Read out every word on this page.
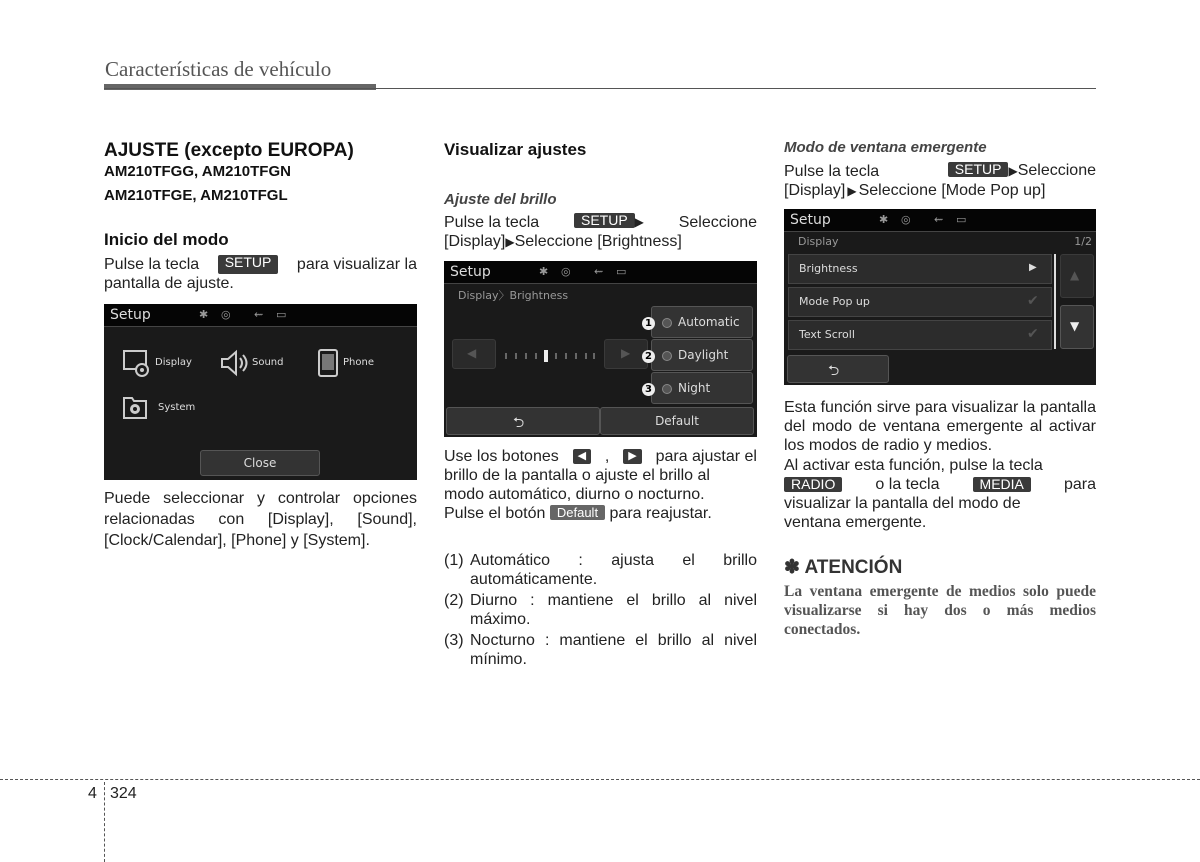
Características de vehículo
AJUSTE (excepto EUROPA)
AM210TFGG, AM210TFGN
AM210TFGE, AM210TFGL
Inicio del modo
Pulse la tecla	SETUP	para visualizar la
pantalla de ajuste.
Setup	✱ ◎ ⇜ ▭
Display	Sound	Phone
System
Close
Puede seleccionar y controlar opciones relacionadas con [Display], [Sound], [Clock/Calendar], [Phone] y [System].
Visualizar ajustes
Ajuste del brillo
Pulse la tecla	SETUP ▶ Seleccione
[Display]▶Seleccione [Brightness]
Setup	✱ ◎ ⇜ ▭
Display〉Brightness
◀	▶
1 Automatic
2 Daylight
3 Night
⮌	Default
Use los botones	◀	,	▶	para ajustar el
brillo de la pantalla o ajuste el brillo al
modo automático, diurno o nocturno.
Pulse el botón Default para reajustar.
(1) Automático : ajusta el brillo automáticamente.
(2) Diurno : mantiene el brillo al nivel máximo.
(3) Nocturno : mantiene el brillo al nivel mínimo.
Modo de ventana emergente
Pulse la tecla	SETUP ▶Seleccione
[Display] ▶ Seleccione [Mode Pop up]
Setup	✱ ◎ ⇜ ▭
Display	1/2
Brightness	▶
Mode Pop up	✔
Text Scroll	✔
▲
▼
⮌
Esta función sirve para visualizar la pantalla del modo de ventana emergente al activar los modos de radio y medios.
Al activar esta función, pulse la tecla
RADIO	o la tecla	MEDIA	para
visualizar la pantalla del modo de
ventana emergente.
✽ ATENCIÓN
La ventana emergente de medios solo puede visualizarse si hay dos o más medios conectados.
4 324
